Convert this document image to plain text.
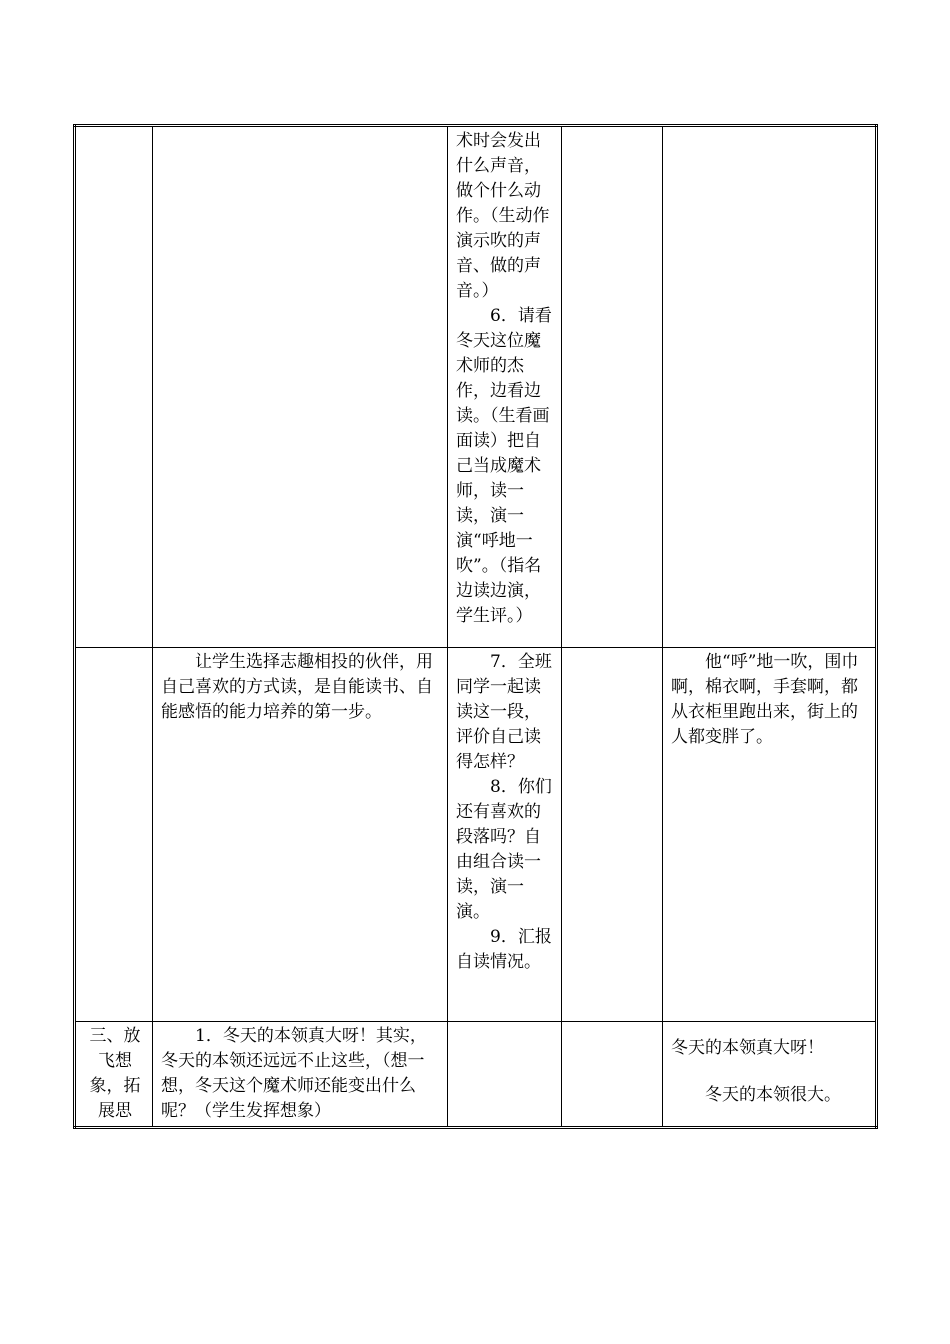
		术时会发出什么声音，做个什么动作。（生动作演示吹的声音、做的声音。）
6．请看冬天这位魔术师的杰作，边看边读。（生看画面读）把自己当成魔术师，读一读，演一演“呼地一吹”。（指名边读边演，学生评。）		

	让学生选择志趣相投的伙伴，用自己喜欢的方式读，是自能读书、自能感悟的能力培养的第一步。	7．全班同学一起读读这一段，评价自己读得怎样？
8．你们还有喜欢的段落吗？自由组合读一读，演一演。
9．汇报自读情况。		他“呼”地一吹，围巾啊，棉衣啊，手套啊，都从衣柜里跑出来，街上的人都变胖了。

三、放飞想象，拓展思	1．冬天的本领真大呀！其实，冬天的本领还远远不止这些，（想一想，冬天这个魔术师还能变出什么呢？（学生发挥想象）			冬天的本领真大呀！
冬天的本领很大。
